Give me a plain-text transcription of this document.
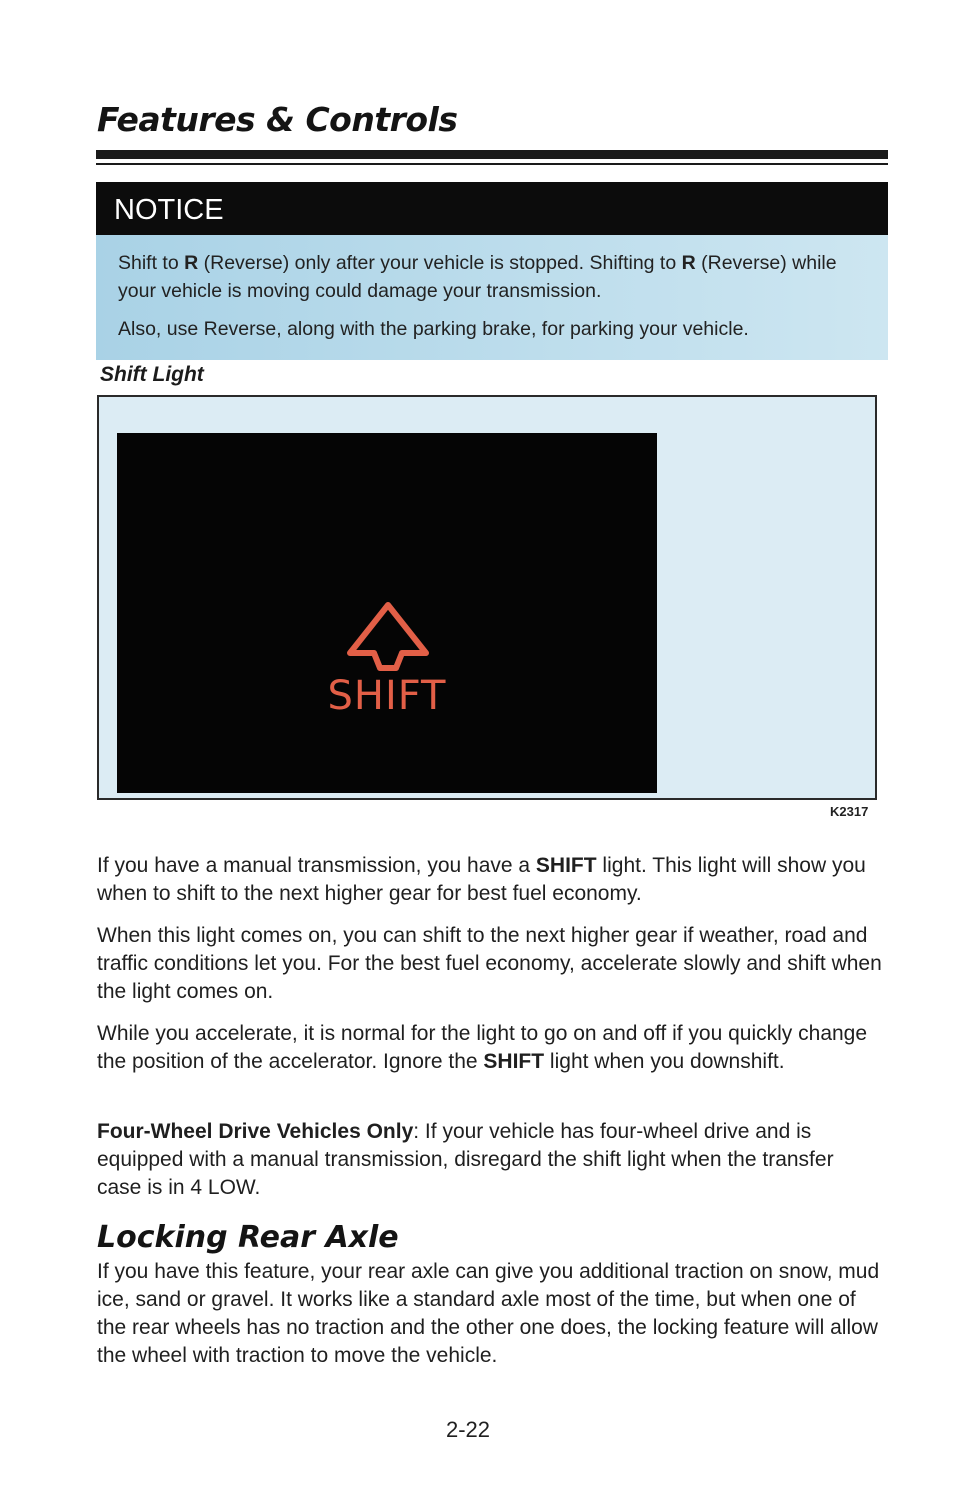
Features & Controls
NOTICE

Shift to R (Reverse) only after your vehicle is stopped. Shifting to R (Reverse) while your vehicle is moving could damage your transmission.

Also, use Reverse, along with the parking brake, for parking your vehicle.

Shift Light
SHIFT

K2317

If you have a manual transmission, you have a SHIFT light. This light will show you when to shift to the next higher gear for best fuel economy.

When this light comes on, you can shift to the next higher gear if weather, road and traffic conditions let you. For the best fuel economy, accelerate slowly and shift when the light comes on.

While you accelerate, it is normal for the light to go on and off if you quickly change the position of the accelerator. Ignore the SHIFT light when you downshift.

Four-Wheel Drive Vehicles Only: If your vehicle has four-wheel drive and is equipped with a manual transmission, disregard the shift light when the transfer case is in 4 LOW.

Locking Rear Axle

If you have this feature, your rear axle can give you additional traction on snow, mud ice, sand or gravel. It works like a standard axle most of the time, but when one of the rear wheels has no traction and the other one does, the locking feature will allow the wheel with traction to move the vehicle.

2-22
